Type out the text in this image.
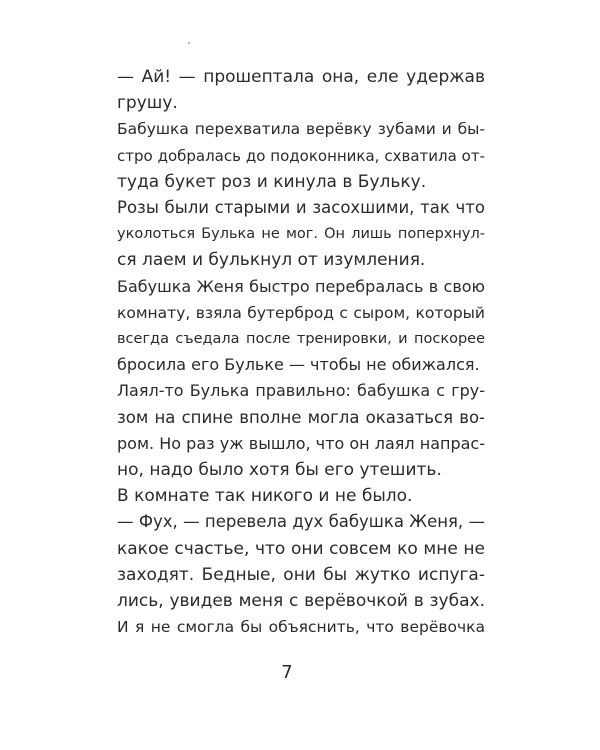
— Ай! — прошептала она, еле удержав
грушу.

Бабушка перехватила верёвку зубами и бы-
стро добралась до подоконника, схватила от-
туда букет роз и кинула в Бульку.

Розы были старыми и засохшими, так что
уколоться Булька не мог. Он лишь поперхнул-
ся лаем и булькнул от изумления.

Бабушка Женя быстро перебралась в свою
комнату, взяла бутерброд с сыром, который
всегда съедала после тренировки, и поскорее
бросила его Бульке — чтобы не обижался.

Лаял-то Булька правильно: бабушка с гру-
зом на спине вполне могла оказаться во-
ром. Но раз уж вышло, что он лаял напрас-
но, надо было хотя бы его утешить.

В комнате так никого и не было.

— Фух, — перевела дух бабушка Женя, —
какое счастье, что они совсем ко мне не
заходят. Бедные, они бы жутко испуга-
лись, увидев меня с верёвочкой в зубах.
И я не смогла бы объяснить, что верёвочка

7
